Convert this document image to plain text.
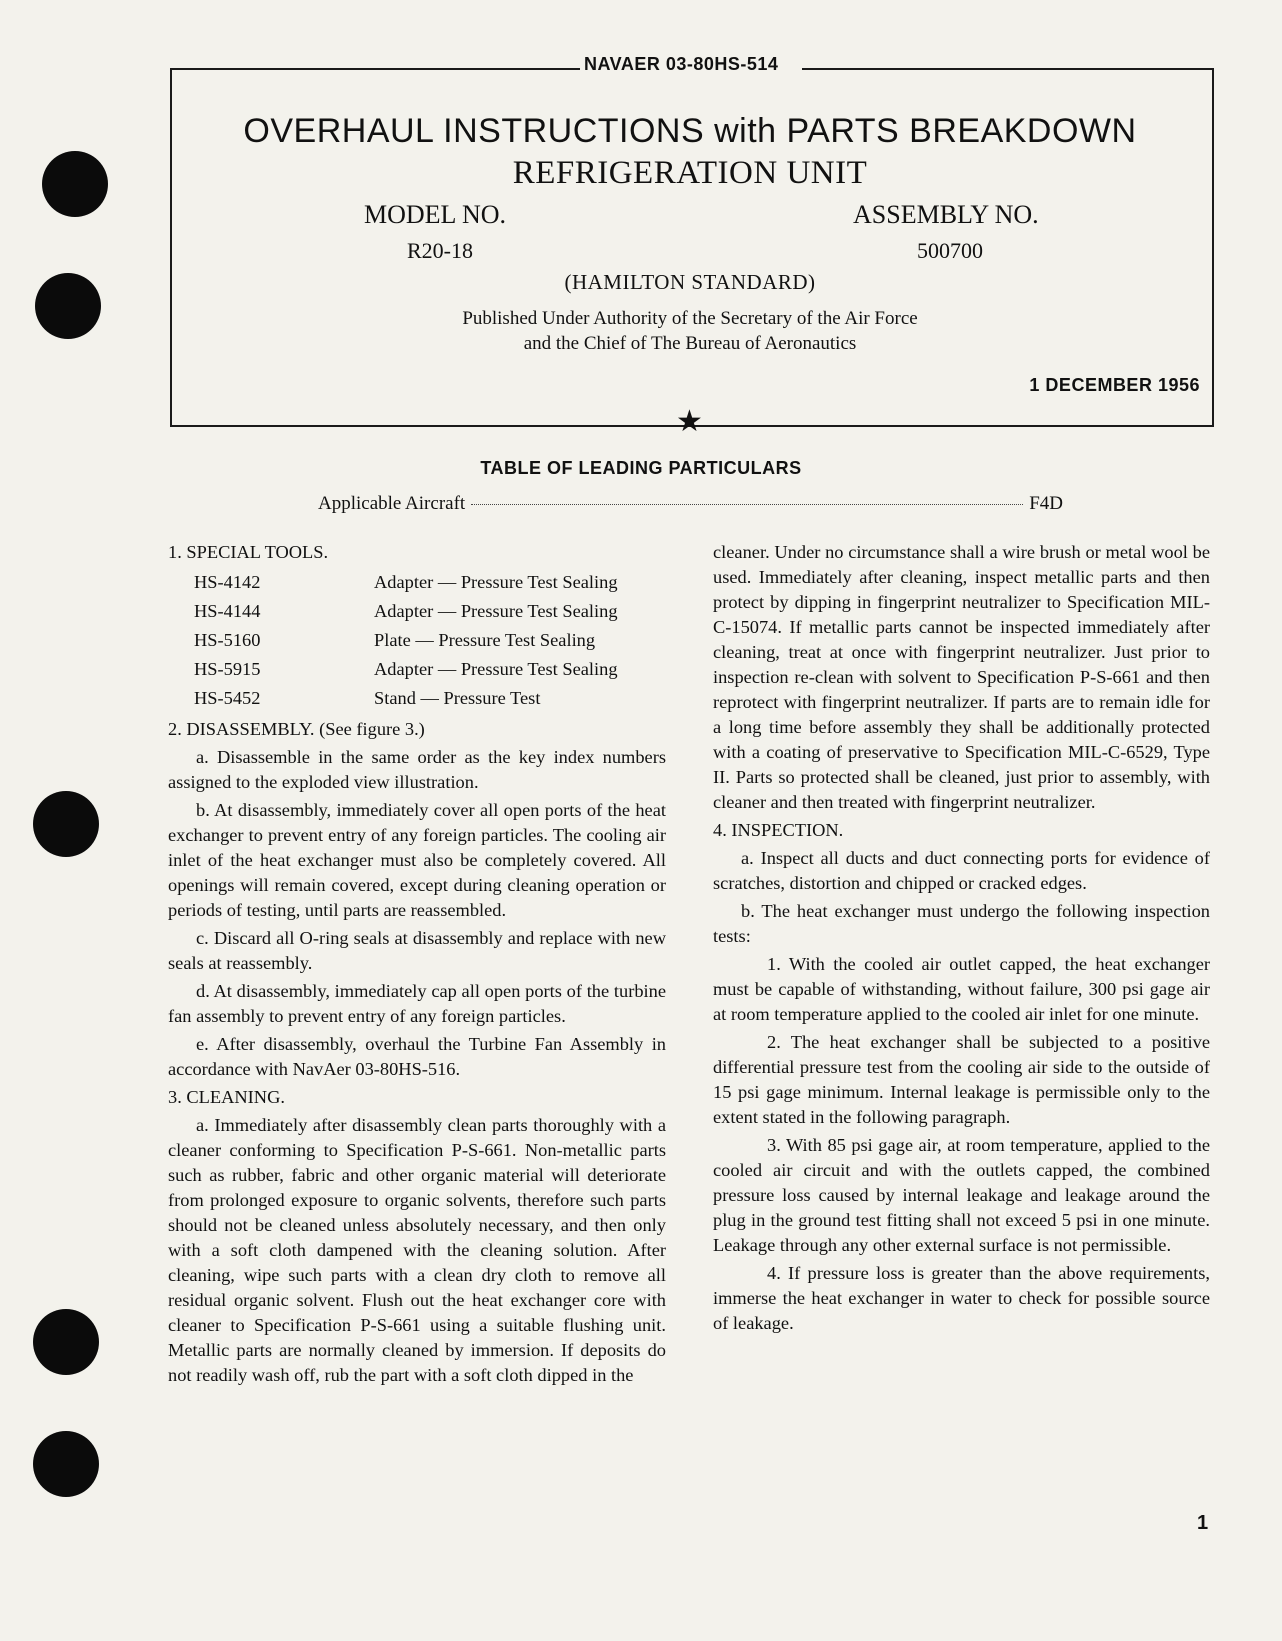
NAVAER 03-80HS-514
★
OVERHAUL INSTRUCTIONS with PARTS BREAKDOWN
REFRIGERATION UNIT
MODEL NO.
R20-18
ASSEMBLY NO.
500700
(HAMILTON STANDARD)
Published Under Authority of the Secretary of the Air Force
and the Chief of The Bureau of Aeronautics
1 DECEMBER 1956
TABLE OF LEADING PARTICULARS
Applicable Aircraft	F4D

1. SPECIAL TOOLS.

HS-4142	Adapter — Pressure Test Sealing
HS-4144	Adapter — Pressure Test Sealing
HS-5160	Plate — Pressure Test Sealing
HS-5915	Adapter — Pressure Test Sealing
HS-5452	Stand — Pressure Test

2. DISASSEMBLY. (See figure 3.)

a. Disassemble in the same order as the key index numbers assigned to the exploded view illustration.

b. At disassembly, immediately cover all open ports of the heat exchanger to prevent entry of any foreign particles. The cooling air inlet of the heat exchanger must also be completely covered. All openings will remain covered, except during cleaning operation or periods of testing, until parts are reassembled.

c. Discard all O-ring seals at disassembly and replace with new seals at reassembly.

d. At disassembly, immediately cap all open ports of the turbine fan assembly to prevent entry of any foreign particles.

e. After disassembly, overhaul the Turbine Fan Assembly in accordance with NavAer 03-80HS-516.

3. CLEANING.

a. Immediately after disassembly clean parts thoroughly with a cleaner conforming to Specification P-S-661. Non-metallic parts such as rubber, fabric and other organic material will deteriorate from prolonged exposure to organic solvents, therefore such parts should not be cleaned unless absolutely necessary, and then only with a soft cloth dampened with the cleaning solution. After cleaning, wipe such parts with a clean dry cloth to remove all residual organic solvent. Flush out the heat exchanger core with cleaner to Specification P-S-661 using a suitable flushing unit. Metallic parts are normally cleaned by immersion. If deposits do not readily wash off, rub the part with a soft cloth dipped in the

cleaner. Under no circumstance shall a wire brush or metal wool be used. Immediately after cleaning, inspect metallic parts and then protect by dipping in fingerprint neutralizer to Specification MIL-C-15074. If metallic parts cannot be inspected immediately after cleaning, treat at once with fingerprint neutralizer. Just prior to inspection re-clean with solvent to Specification P-S-661 and then reprotect with fingerprint neutralizer. If parts are to remain idle for a long time before assembly they shall be additionally protected with a coating of preservative to Specification MIL-C-6529, Type II. Parts so protected shall be cleaned, just prior to assembly, with cleaner and then treated with fingerprint neutralizer.

4. INSPECTION.

a. Inspect all ducts and duct connecting ports for evidence of scratches, distortion and chipped or cracked edges.

b. The heat exchanger must undergo the following inspection tests:

1. With the cooled air outlet capped, the heat exchanger must be capable of withstanding, without failure, 300 psi gage air at room temperature applied to the cooled air inlet for one minute.

2. The heat exchanger shall be subjected to a positive differential pressure test from the cooling air side to the outside of 15 psi gage minimum. Internal leakage is permissible only to the extent stated in the following paragraph.

3. With 85 psi gage air, at room temperature, applied to the cooled air circuit and with the outlets capped, the combined pressure loss caused by internal leakage and leakage around the plug in the ground test fitting shall not exceed 5 psi in one minute. Leakage through any other external surface is not permissible.

4. If pressure loss is greater than the above requirements, immerse the heat exchanger in water to check for possible source of leakage.

1
